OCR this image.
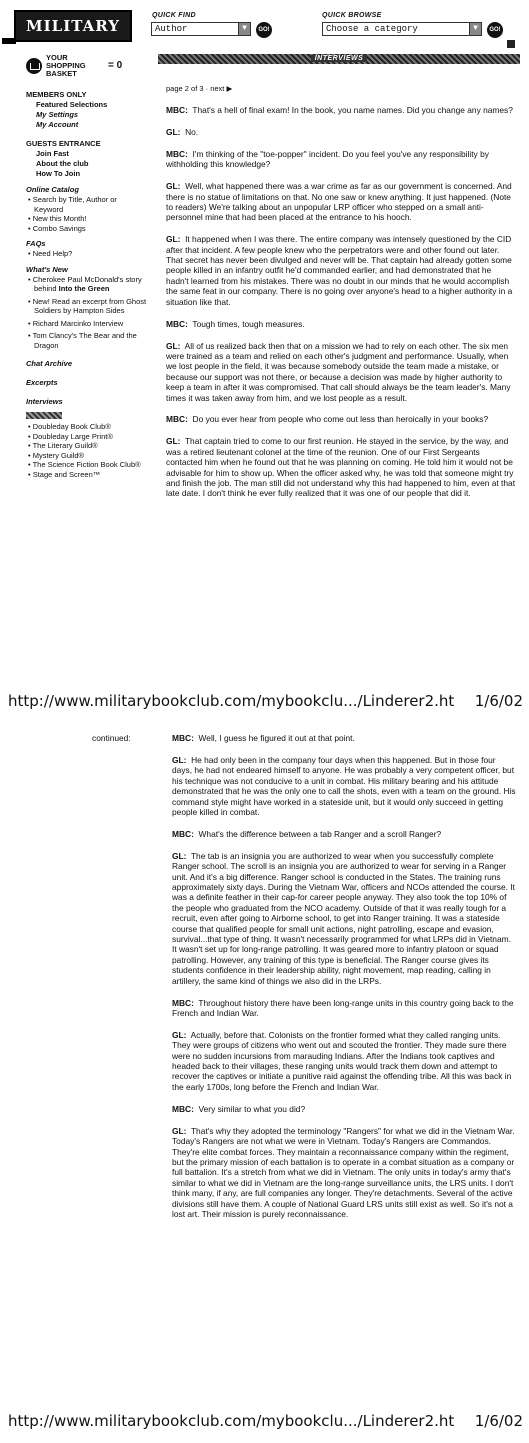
MILITARY
QUICK FIND
Author	▼	GO!
QUICK BROWSE
Choose a category	▼	GO!
YOUR SHOPPING BASKET
= 0
MEMBERS ONLY
Featured Selections
My Settings
My Account
GUESTS ENTRANCE
Join Fast
About the club
How To Join
Online Catalog
• Search by Title, Author or Keyword
• New this Month!
• Combo Savings
FAQs
• Need Help?
What's New
• Cherokee Paul McDonald's story behind Into the Green
• New! Read an excerpt from Ghost Soldiers by Hampton Sides
• Richard Marcinko Interview
• Tom Clancy's The Bear and the Dragon
Chat Archive
Excerpts
Interviews
• Doubleday Book Club®
• Doubleday Large Print®
• The Literary Guild®
• Mystery Guild®
• The Science Fiction Book Club®
• Stage and Screen™
INTERVIEWS
page 2 of 3 · next ▶
MBC: That's a hell of final exam! In the book, you name names. Did you change any names?
GL: No.
MBC: I'm thinking of the "toe-popper" incident. Do you feel you've any responsibility by withholding this knowledge?
GL: Well, what happened there was a war crime as far as our government is concerned. And there is no statue of limitations on that. No one saw or knew anything. It just happened. (Note to readers) We're talking about an unpopular LRP officer who stepped on a small anti-personnel mine that had been placed at the entrance to his hooch.
GL: It happened when I was there. The entire company was intensely questioned by the CID after that incident. A few people knew who the perpetrators were and other found out later. That secret has never been divulged and never will be. That captain had already gotten some people killed in an infantry outfit he'd commanded earlier, and had demonstrated that he hadn't learned from his mistakes. There was no doubt in our minds that he would accomplish the same feat in our company. There is no going over anyone's head to a higher authority in a situation like that.
MBC: Tough times, tough measures.
GL: All of us realized back then that on a mission we had to rely on each other. The six men were trained as a team and relied on each other's judgment and performance. Usually, when we lost people in the field, it was because somebody outside the team made a mistake, or because our support was not there, or because a decision was made by higher authority to keep a team in after it was compromised. That call should always be the team leader's. Many times it was taken away from him, and we lost people as a result.
MBC: Do you ever hear from people who come out less than heroically in your books?
GL: That captain tried to come to our first reunion. He stayed in the service, by the way, and was a retired lieutenant colonel at the time of the reunion. One of our First Sergeants contacted him when he found out that he was planning on coming. He told him it would not be advisable for him to show up. When the officer asked why, he was told that someone might try and finish the job. The man still did not understand why this had happened to him, even at that late date. I don't think he ever fully realized that it was one of our people that did it.
http://www.militarybookclub.com/mybookclu.../Linderer2.ht 1/6/02
continued:	MBC: Well, I guess he figured it out at that point.
GL: He had only been in the company four days when this happened. But in those four days, he had not endeared himself to anyone. He was probably a very competent officer, but his technique was not conducive to a unit in combat. His military bearing and his attitude demonstrated that he was the only one to call the shots, even with a team on the ground. His command style might have worked in a stateside unit, but it would only succeed in getting people killed in combat.
MBC: What's the difference between a tab Ranger and a scroll Ranger?
GL: The tab is an insignia you are authorized to wear when you successfully complete Ranger school. The scroll is an insignia you are authorized to wear for serving in a Ranger unit. And it's a big difference. Ranger school is conducted in the States. The training runs approximately sixty days. During the Vietnam War, officers and NCOs attended the course. It was a definite feather in their cap-for career people anyway. They also took the top 10% of the people who graduated from the NCO academy. Outside of that it was really tough for a recruit, even after going to Airborne school, to get into Ranger training. It was a stateside course that qualified people for small unit actions, night patrolling, escape and evasion, survival...that type of thing. It wasn't necessarily programmed for what LRPs did in Vietnam. It wasn't set up for long-range patrolling. It was geared more to infantry platoon or squad patrolling. However, any training of this type is beneficial. The Ranger course gives its students confidence in their leadership ability, night movement, map reading, calling in artillery, the same kind of things we also did in the LRPs.
MBC: Throughout history there have been long-range units in this country going back to the French and Indian War.
GL: Actually, before that. Colonists on the frontier formed what they called ranging units. They were groups of citizens who went out and scouted the frontier. They made sure there were no sudden incursions from marauding Indians. After the Indians took captives and headed back to their villages, these ranging units would track them down and attempt to recover the captives or initiate a punitive raid against the offending tribe. All this was back in the early 1700s, long before the French and Indian War.
MBC: Very similar to what you did?
GL: That's why they adopted the terminology "Rangers" for what we did in the Vietnam War. Today's Rangers are not what we were in Vietnam. Today's Rangers are Commandos. They're elite combat forces. They maintain a reconnaissance company within the regiment, but the primary mission of each battalion is to operate in a combat situation as a company or full battalion. It's a stretch from what we did in Vietnam. The only units in today's army that's similar to what we did in Vietnam are the long-range surveillance units, the LRS units. I don't think many, if any, are full companies any longer. They're detachments. Several of the active divisions still have them. A couple of National Guard LRS units still exist as well. So it's not a lost art. Their mission is purely reconnaissance.
http://www.militarybookclub.com/mybookclu.../Linderer2.ht 1/6/02
